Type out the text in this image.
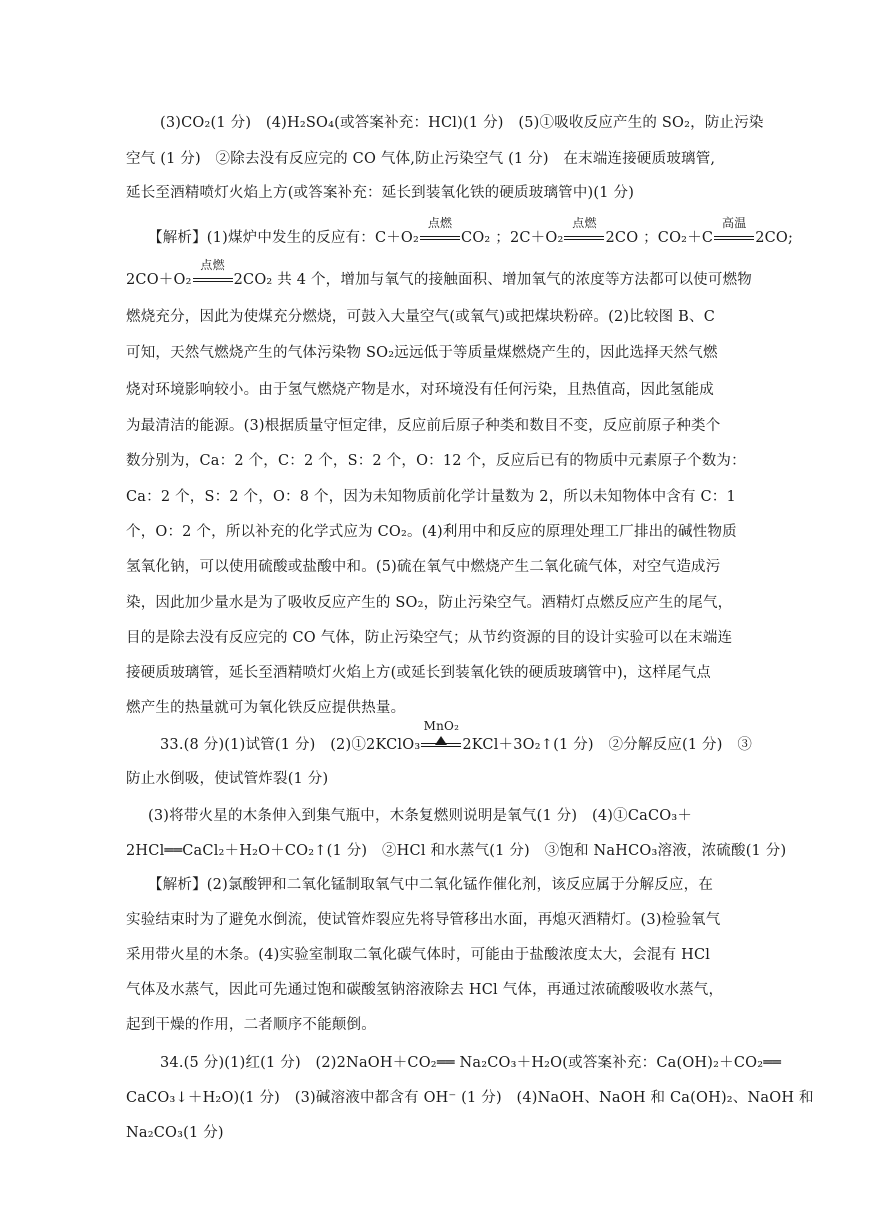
(3)CO₂(1 分)　(4)H₂SO₄(或答案补充：HCl)(1 分)　(5)①吸收反应产生的 SO₂，防止污染
空气 (1 分)　②除去没有反应完的 CO 气体,防止污染空气 (1 分)　在末端连接硬质玻璃管,
延长至酒精喷灯火焰上方(或答案补充：延长到装氧化铁的硬质玻璃管中)(1 分)
【解析】(1)煤炉中发生的反应有：C＋O₂
点燃
CO₂ ；2C＋O₂
点燃
2CO ；CO₂＋C
高温
2CO;
2CO＋O₂
点燃
2CO₂ 共 4 个，增加与氧气的接触面积、增加氧气的浓度等方法都可以使可燃物
燃烧充分，因此为使煤充分燃烧，可鼓入大量空气(或氧气)或把煤块粉碎。(2)比较图 B、C
可知，天然气燃烧产生的气体污染物 SO₂远远低于等质量煤燃烧产生的，因此选择天然气燃
烧对环境影响较小。由于氢气燃烧产物是水，对环境没有任何污染，且热值高，因此氢能成
为最清洁的能源。(3)根据质量守恒定律，反应前后原子种类和数目不变，反应前原子种类个
数分别为，Ca：2 个，C：2 个，S：2 个，O：12 个，反应后已有的物质中元素原子个数为：
Ca：2 个，S：2 个，O：8 个，因为未知物质前化学计量数为 2，所以未知物体中含有 C：1
个，O：2 个，所以补充的化学式应为 CO₂。(4)利用中和反应的原理处理工厂排出的碱性物质
氢氧化钠，可以使用硫酸或盐酸中和。(5)硫在氧气中燃烧产生二氧化硫气体，对空气造成污
染，因此加少量水是为了吸收反应产生的 SO₂，防止污染空气。酒精灯点燃反应产生的尾气，
目的是除去没有反应完的 CO 气体，防止污染空气；从节约资源的目的设计实验可以在末端连
接硬质玻璃管，延长至酒精喷灯火焰上方(或延长到装氧化铁的硬质玻璃管中)，这样尾气点
燃产生的热量就可为氧化铁反应提供热量。
33.(8 分)(1)试管(1 分)　(2)①2KClO₃
MnO₂
2KCl＋3O₂↑(1 分)　②分解反应(1 分)　③
防止水倒吸，使试管炸裂(1 分)
(3)将带火星的木条伸入到集气瓶中，木条复燃则说明是氧气(1 分)　(4)①CaCO₃＋
2HCl══CaCl₂＋H₂O＋CO₂↑(1 分)　②HCl 和水蒸气(1 分)　③饱和 NaHCO₃溶液，浓硫酸(1 分)
【解析】(2)氯酸钾和二氧化锰制取氧气中二氧化锰作催化剂，该反应属于分解反应，在
实验结束时为了避免水倒流，使试管炸裂应先将导管移出水面，再熄灭酒精灯。(3)检验氧气
采用带火星的木条。(4)实验室制取二氧化碳气体时，可能由于盐酸浓度太大，会混有 HCl
气体及水蒸气，因此可先通过饱和碳酸氢钠溶液除去 HCl 气体，再通过浓硫酸吸收水蒸气，
起到干燥的作用，二者顺序不能颠倒。
34.(5 分)(1)红(1 分)　(2)2NaOH＋CO₂══ Na₂CO₃＋H₂O(或答案补充：Ca(OH)₂＋CO₂══
CaCO₃↓＋H₂O)(1 分)　(3)碱溶液中都含有 OH⁻ (1 分)　(4)NaOH、NaOH 和 Ca(OH)₂、NaOH 和
Na₂CO₃(1 分)
